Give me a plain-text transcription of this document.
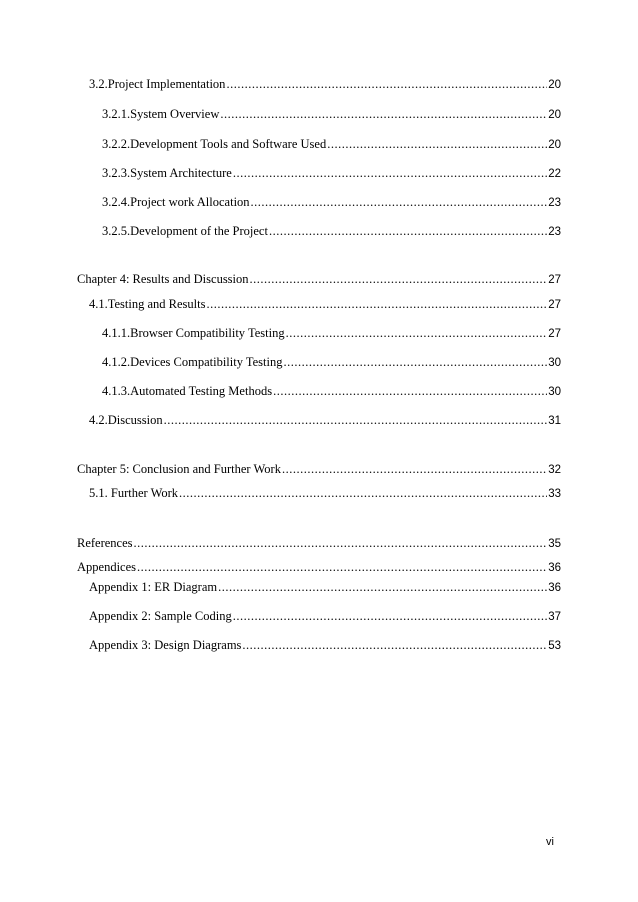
3.2. Project Implementation .....	20
3.2.1. System Overview .....	20
3.2.2. Development Tools and Software Used .....	20
3.2.3. System Architecture .....	22
3.2.4. Project work Allocation .....	23
3.2.5. Development of the Project .....	23
Chapter 4: Results and Discussion .....	27
4.1. Testing and Results .....	27
4.1.1. Browser Compatibility Testing .....	27
4.1.2. Devices Compatibility Testing .....	30
4.1.3. Automated Testing Methods .....	30
4.2. Discussion .....	31
Chapter 5: Conclusion and Further Work .....	32
5.1. Further Work .....	33
References .....	35
Appendices .....	36
Appendix 1: ER Diagram .....	36
Appendix 2: Sample Coding .....	37
Appendix 3: Design Diagrams .....	53
vi
